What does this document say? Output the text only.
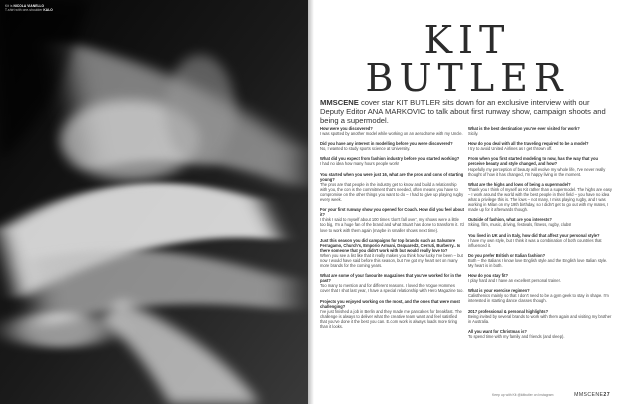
Kit is NICOLA VIANELLO
T-shirt with one-shoulder KALO
KIT
BUTLER
MMSCENE cover star KIT BUTLER sits down for an exclusive interview with our Deputy Editor ANA MARKOVIC to talk about first runway show, campaign shoots and being a supermodel.
How were you discovered?
I was spotted by another model while working on an aerodrome with my Uncle.
Did you have any interest in modelling before you were discovered?
No, I wanted to study sports science at University.
What did you expect from fashion industry before you started working?
I had no idea how many hours people work!
You started when you were just 16, what are the pros and cons of starting young?
The pros are that people in the industry get to know and build a relationship with you, the con is the commitment that's needed, often means you have to compromise on the other things you want to do – I had to give up playing rugby every week.
For your first runway show you opened for Coach. How did you feel about it?
I think I said to myself about 100 times 'don't fall over', my shows were a little too big, I'm a huge fan of the brand and what Stuart has done to transform it. I'd love to work with them again (maybe in smaller shows next time).
Just this season you did campaigns for top brands such as Salvatore Ferragamo, Church's, Emporio Armani, Dsquared2, Cerruti, Burberry.. Is there someone that you didn't work with but would really love to?
When you see a list like that it really makes you think how lucky I've been – but now I would have said before this season, but I've got my heart set on many more brands for the coming years.
What are some of your favourite magazines that you've worked for in the past?
Too many to mention and for different reasons. I loved the Vogue Hommes cover that I shot last year, I have a special relationship with Hero Magazine too.
Projects you enjoyed working on the most, and the ones that were most challenging?
I've just finished a job in Berlin and they made me pancakes for breakfast. The challenge is always to deliver what the creative team want and feel satisfied that you've done it the best you can. E.com work is always loads more tiring than it looks.
What is the best destination you've ever visited for work?
Sicily.
How do you deal with all the traveling required to be a model?
I try to avoid United Airlines as I get thrown off.
From when you first started modeling to now, has the way that you perceive beauty and style changed, and how?
Hopefully my perception of beauty will evolve my whole life, I've never really thought of how it has changed, I'm happy living in the moment.
What are the highs and lows of being a supermodel?
Thank you I think of myself as Kit rather than a supermodel. The highs are easy – I work around the world with the best people in their field – you have no idea what a privilege this is. The lows – not many, I miss playing rugby, and I was working in Milan on my 19th birthday, so I didn't get to go out with my mates, I made up for it afterwards though.
Outside of fashion, what are you interests?
Skiing, film, music, driving, festivals, fitness, rugby, clubs!
You lived in UK and in Italy, how did that affect your personal style?
I have my own style, but I think it was a combination of both countries that influenced it.
Do you prefer British or Italian fashion?
Both – the Italians I know love English style and the English love Italian style. My heart is in both.
How do you stay fit?
I play hard and I have an excellent personal trainer.
What is your exercise regimen?
Calisthenics mainly so that I don't need to be a gym geek to stay in shape. I'm interested in starting dance classes though.
2017 professional & personal highlights?
Being invited by several brands to work with them again and visiting my brother in Australia.
All you want for Christmas is?
To spend time with my family and friends (and sleep).
Keep up with Kit @kitbutler on Instagram	MMSCENE27
